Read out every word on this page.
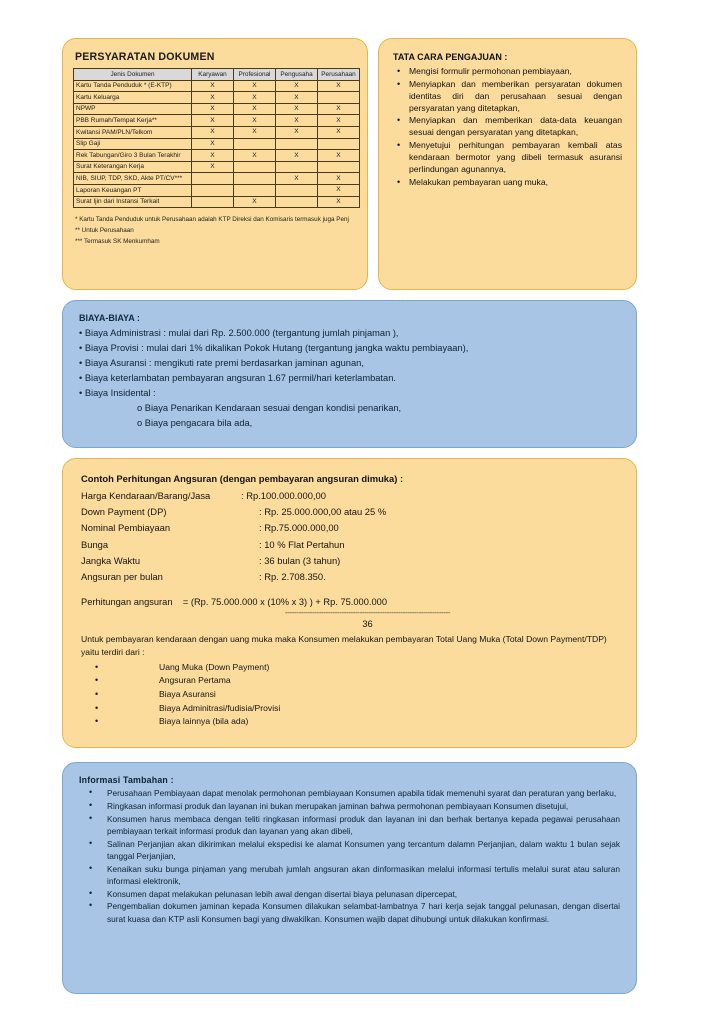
PERSYARATAN DOKUMEN
Jenis Dokumen	Karyawan	Profesional	Pengusaha	Perusahaan
Kartu Tanda Penduduk * (E-KTP)	X	X	X	X
Kartu Keluarga	X	X	X	
NPWP	X	X	X	X
PBB Rumah/Tempat Kerja**	X	X	X	X
Kwitansi PAM/PLN/Telkom	X	X	X	X
Slip Gaji	X			
Rek Tabungan/Giro 3 Bulan Terakhir	X	X	X	X
Surat Keterangan Kerja	X			
NIB, SIUP, TDP, SKD, Akte PT/CV***			X	X
Laporan Keuangan PT				X
Surat Ijin dari Instansi Terkait		X		X
* Kartu Tanda Penduduk untuk Perusahaan adalah KTP Direksi dan Komisaris termasuk juga Penj
** Untuk Perusahaan
*** Termasuk SK Menkumham
TATA CARA PENGAJUAN :
• Mengisi formulir permohonan pembiayaan,
• Menyiapkan dan memberikan persyaratan dokumen identitas diri dan perusahaan sesuai dengan persyaratan yang ditetapkan,
• Menyiapkan dan memberikan data-data keuangan sesuai dengan persyaratan yang ditetapkan,
• Menyetujui perhitungan pembayaran kembali atas kendaraan bermotor yang dibeli termasuk asuransi perlindungan agunannya,
• Melakukan pembayaran uang muka,
BIAYA-BIAYA :
• Biaya Administrasi : mulai dari Rp. 2.500.000 (tergantung jumlah pinjaman ),
• Biaya Provisi : mulai dari 1% dikalikan Pokok Hutang (tergantung jangka waktu pembiayaan),
• Biaya Asuransi : mengikuti rate premi berdasarkan jaminan agunan,
• Biaya keterlambatan pembayaran angsuran 1.67 permil/hari keterlambatan.
• Biaya Insidental :
o Biaya Penarikan Kendaraan sesuai dengan kondisi penarikan,
o Biaya pengacara bila ada,
Contoh Perhitungan Angsuran (dengan pembayaran angsuran dimuka) :
Harga Kendaraan/Barang/Jasa	: Rp.100.000.000,00
Down Payment (DP)	: Rp. 25.000.000,00 atau 25 %
Nominal Pembiayaan	: Rp.75.000.000,00
Bunga	: 10 % Flat Pertahun
Jangka Waktu	: 36 bulan (3 tahun)
Angsuran per bulan	: Rp. 2.708.350.
Perhitungan angsuran = (Rp. 75.000.000 x (10% x 3) ) + Rp. 75.000.000
-------------------------------------------------------------------------
36
Untuk pembayaran kendaraan dengan uang muka maka Konsumen melakukan pembayaran Total Uang Muka (Total Down Payment/TDP) yaitu terdiri dari :
• Uang Muka (Down Payment)
• Angsuran Pertama
• Biaya Asuransi
• Biaya Adminitrasi/fudisia/Provisi
• Biaya lainnya (bila ada)
Informasi Tambahan :
• Perusahaan Pembiayaan dapat menolak permohonan pembiayaan Konsumen apabila tidak memenuhi syarat dan peraturan yang berlaku,
• Ringkasan informasi produk dan layanan ini bukan merupakan jaminan bahwa permohonan pembiayaan Konsumen disetujui,
• Konsumen harus membaca dengan teliti ringkasan informasi produk dan layanan ini dan berhak bertanya kepada pegawai perusahaan pembiayaan terkait informasi produk dan layanan yang akan dibeli,
• Salinan Perjanjian akan dikirimkan melalui ekspedisi ke alamat Konsumen yang tercantum dalamn Perjanjian, dalam waktu 1 bulan sejak tanggal Perjanjian,
• Kenaikan suku bunga pinjaman yang merubah jumlah angsuran akan dinformasikan melalui informasi tertulis melalui surat atau saluran informasi elektronik,
• Konsumen dapat melakukan pelunasan lebih awal dengan disertai biaya pelunasan dipercepat,
• Pengembalian dokumen jaminan kepada Konsumen dilakukan selambat-lambatnya 7 hari kerja sejak tanggal pelunasan, dengan disertai surat kuasa dan KTP asli Konsumen bagi yang diwakilkan. Konsumen wajib dapat dihubungi untuk dilakukan konfirmasi.
